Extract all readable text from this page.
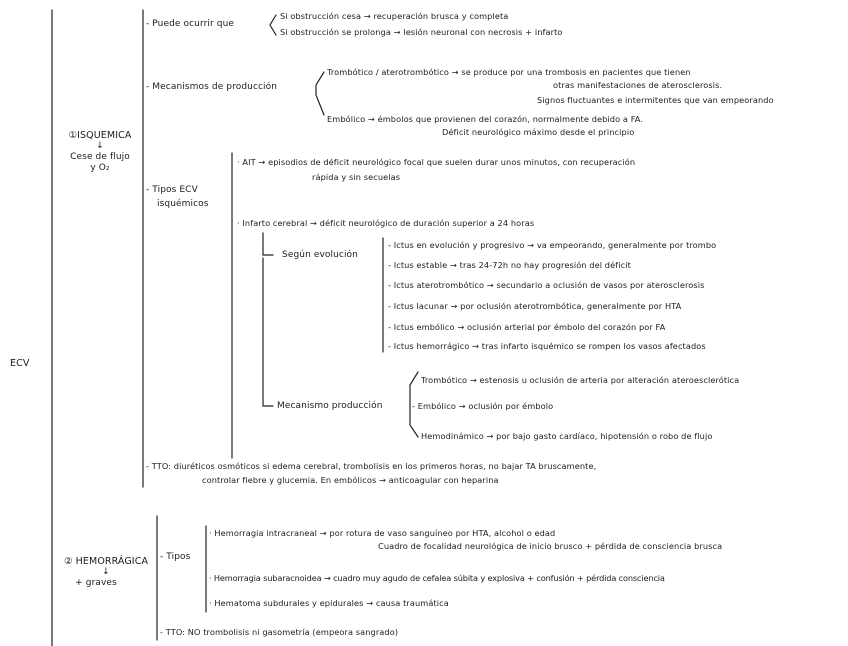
ECV
①ISQUEMICA
↓
Cese de flujo
y O₂
- Puede ocurrir que
Si obstrucción cesa → recuperación brusca y completa
Si obstrucción se prolonga → lesión neuronal con necrosis + infarto
- Mecanismos de producción
Trombótico / aterotrombótico → se produce por una trombosis en pacientes que tienen
otras manifestaciones de aterosclerosis.
Signos fluctuantes e intermitentes que van empeorando
Embólico → émbolos que provienen del corazón, normalmente debido a FA.
Déficit neurológico máximo desde el principio
- Tipos ECV
isquémicos
· AIT → episodios de déficit neurológico focal que suelen durar unos minutos, con recuperación
rápida y sin secuelas
· Infarto cerebral → déficit neurológico de duración superior a 24 horas
Según evolución
- Ictus en evolución y progresivo → va empeorando, generalmente por trombo
- Ictus estable → tras 24-72h no hay progresión del déficit
- Ictus aterotrombótico → secundario a oclusión de vasos por aterosclerosis
- Ictus lacunar → por oclusión aterotrombótica, generalmente por HTA
- Ictus embólico → oclusión arterial por émbolo del corazón por FA
- Ictus hemorrágico → tras infarto isquémico se rompen los vasos afectados
Mecanismo producción
Trombótico → estenosis u oclusión de arteria por alteración ateroesclerótica
- Embólico → oclusión por émbolo
Hemodinámico → por bajo gasto cardíaco, hipotensión o robo de flujo
- TTO: diuréticos osmóticos si edema cerebral, trombolisis en los primeros horas, no bajar TA bruscamente,
controlar fiebre y glucemia. En embólicos → anticoagular con heparina
② HEMORRÁGICA
↓
+ graves
- Tipos
· Hemorragia intracraneal → por rotura de vaso sanguíneo por HTA, alcohol o edad
Cuadro de focalidad neurológica de inicio brusco + pérdida de consciencia brusca
· Hemorragia subaracnoidea → cuadro muy agudo de cefalea súbita y explosiva + confusión + pérdida consciencia
· Hematoma subdurales y epidurales → causa traumática
- TTO: NO trombolisis ni gasometría (empeora sangrado)
